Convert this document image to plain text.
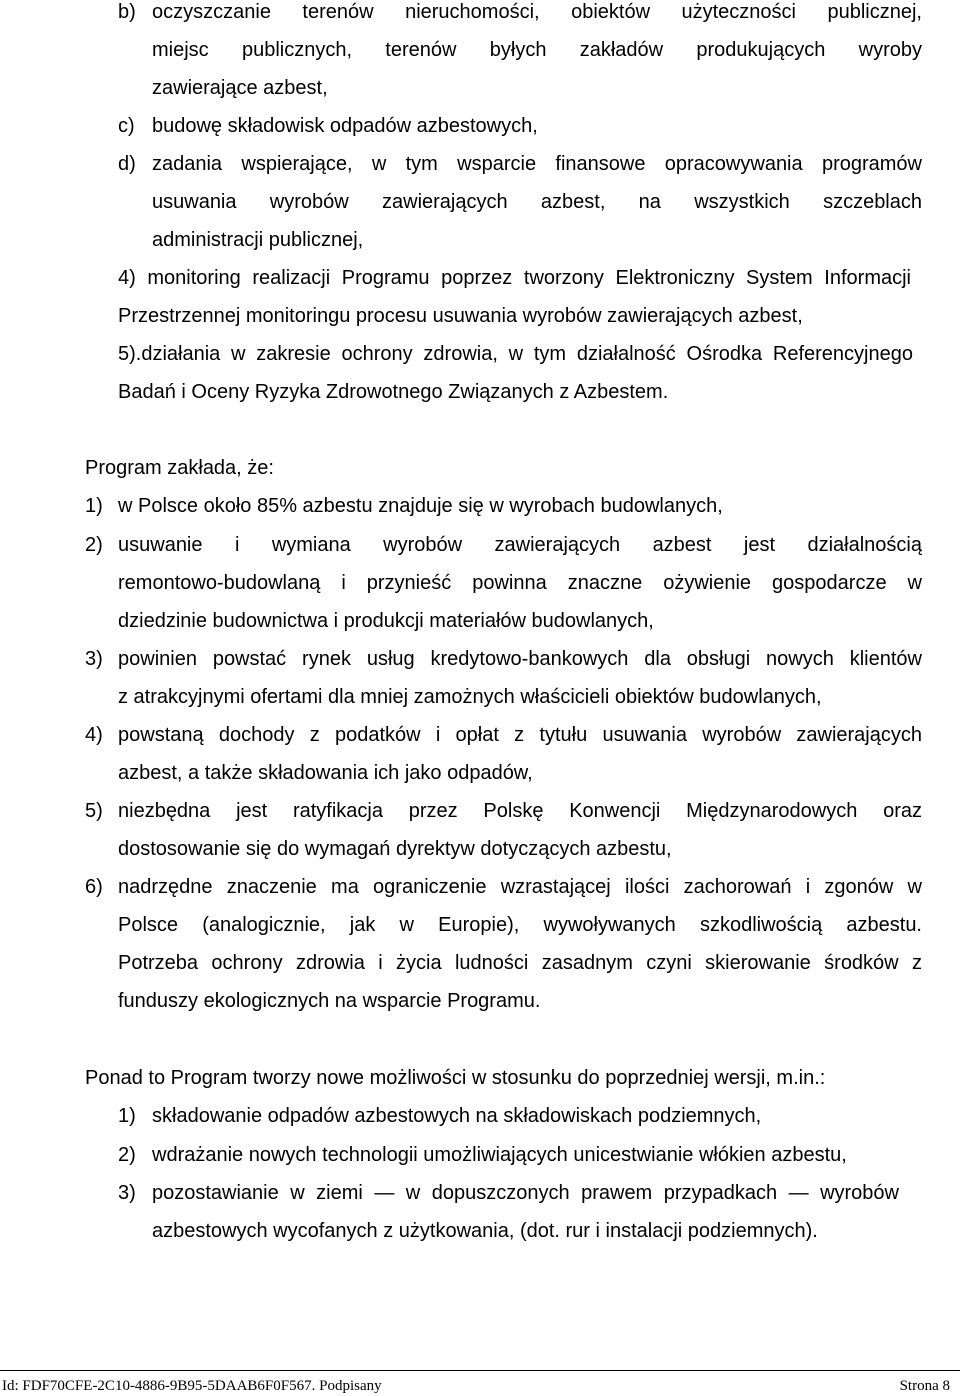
b) oczyszczanie terenów nieruchomości, obiektów użyteczności publicznej,
miejsc publicznych, terenów byłych zakładów produkujących wyroby
zawierające azbest,
c) budowę składowisk odpadów azbestowych,
d) zadania wspierające, w tym wsparcie finansowe opracowywania programów
usuwania wyrobów zawierających azbest, na wszystkich szczeblach
administracji publicznej,
4) monitoring realizacji Programu poprzez tworzony Elektroniczny System Informacji
Przestrzennej monitoringu procesu usuwania wyrobów zawierających azbest,
5).działania w zakresie ochrony zdrowia, w tym działalność Ośrodka Referencyjnego
Badań i Oceny Ryzyka Zdrowotnego Związanych z Azbestem.
Program zakłada, że:
1) w Polsce około 85% azbestu znajduje się w wyrobach budowlanych,
2) usuwanie i wymiana wyrobów zawierających azbest jest działalnością
remontowo-budowlaną i przynieść powinna znaczne ożywienie gospodarcze w
dziedzinie budownictwa i produkcji materiałów budowlanych,
3) powinien powstać rynek usług kredytowo-bankowych dla obsługi nowych klientów
z atrakcyjnymi ofertami dla mniej zamożnych właścicieli obiektów budowlanych,
4) powstaną dochody z podatków i opłat z tytułu usuwania wyrobów zawierających
azbest, a także składowania ich jako odpadów,
5) niezbędna jest ratyfikacja przez Polskę Konwencji Międzynarodowych oraz
dostosowanie się do wymagań dyrektyw dotyczących azbestu,
6) nadrzędne znaczenie ma ograniczenie wzrastającej ilości zachorowań i zgonów w
Polsce (analogicznie, jak w Europie), wywoływanych szkodliwością azbestu.
Potrzeba ochrony zdrowia i życia ludności zasadnym czyni skierowanie środków z
funduszy ekologicznych na wsparcie Programu.
Ponad to Program tworzy nowe możliwości w stosunku do poprzedniej wersji, m.in.:
1) składowanie odpadów azbestowych na składowiskach podziemnych,
2) wdrażanie nowych technologii umożliwiających unicestwianie włókien azbestu,
3) pozostawianie w ziemi — w dopuszczonych prawem przypadkach — wyrobów
azbestowych wycofanych z użytkowania, (dot. rur i instalacji podziemnych).
Id: FDF70CFE-2C10-4886-9B95-5DAAB6F0F567. Podpisany	Strona 8
